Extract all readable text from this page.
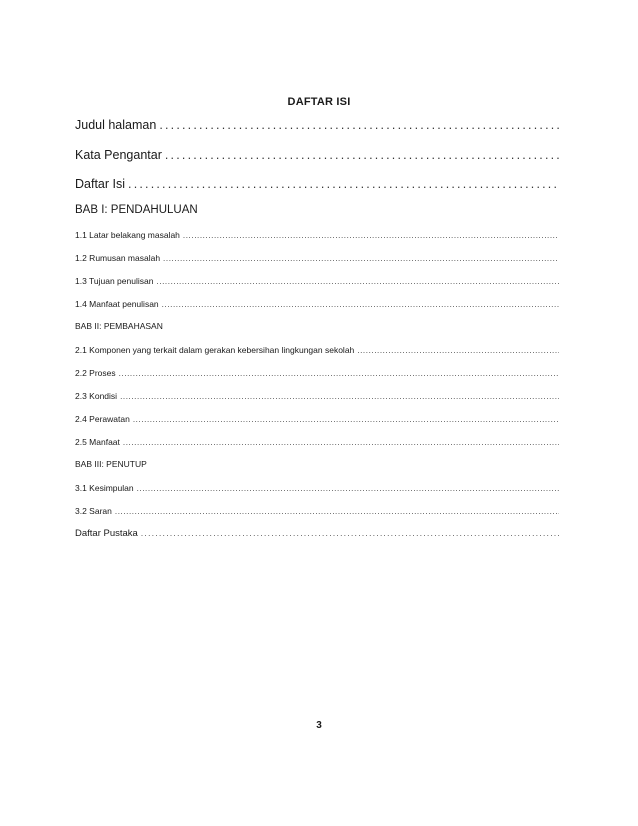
DAFTAR ISI
Judul halaman
.....
Kata Pengantar
.....
Daftar Isi
.....
BAB I: PENDAHULUAN
1.1 Latar belakang masalah
.....
1.2 Rumusan masalah
.....
1.3 Tujuan penulisan
.....
1.4 Manfaat penulisan
.....
BAB II: PEMBAHASAN
2.1 Komponen yang terkait dalam gerakan kebersihan lingkungan sekolah
.....
2.2 Proses
.....
2.3 Kondisi
.....
2.4 Perawatan
.....
2.5 Manfaat
.....
BAB III: PENUTUP
3.1 Kesimpulan
.....
3.2 Saran
.....
Daftar Pustaka
.....
3
